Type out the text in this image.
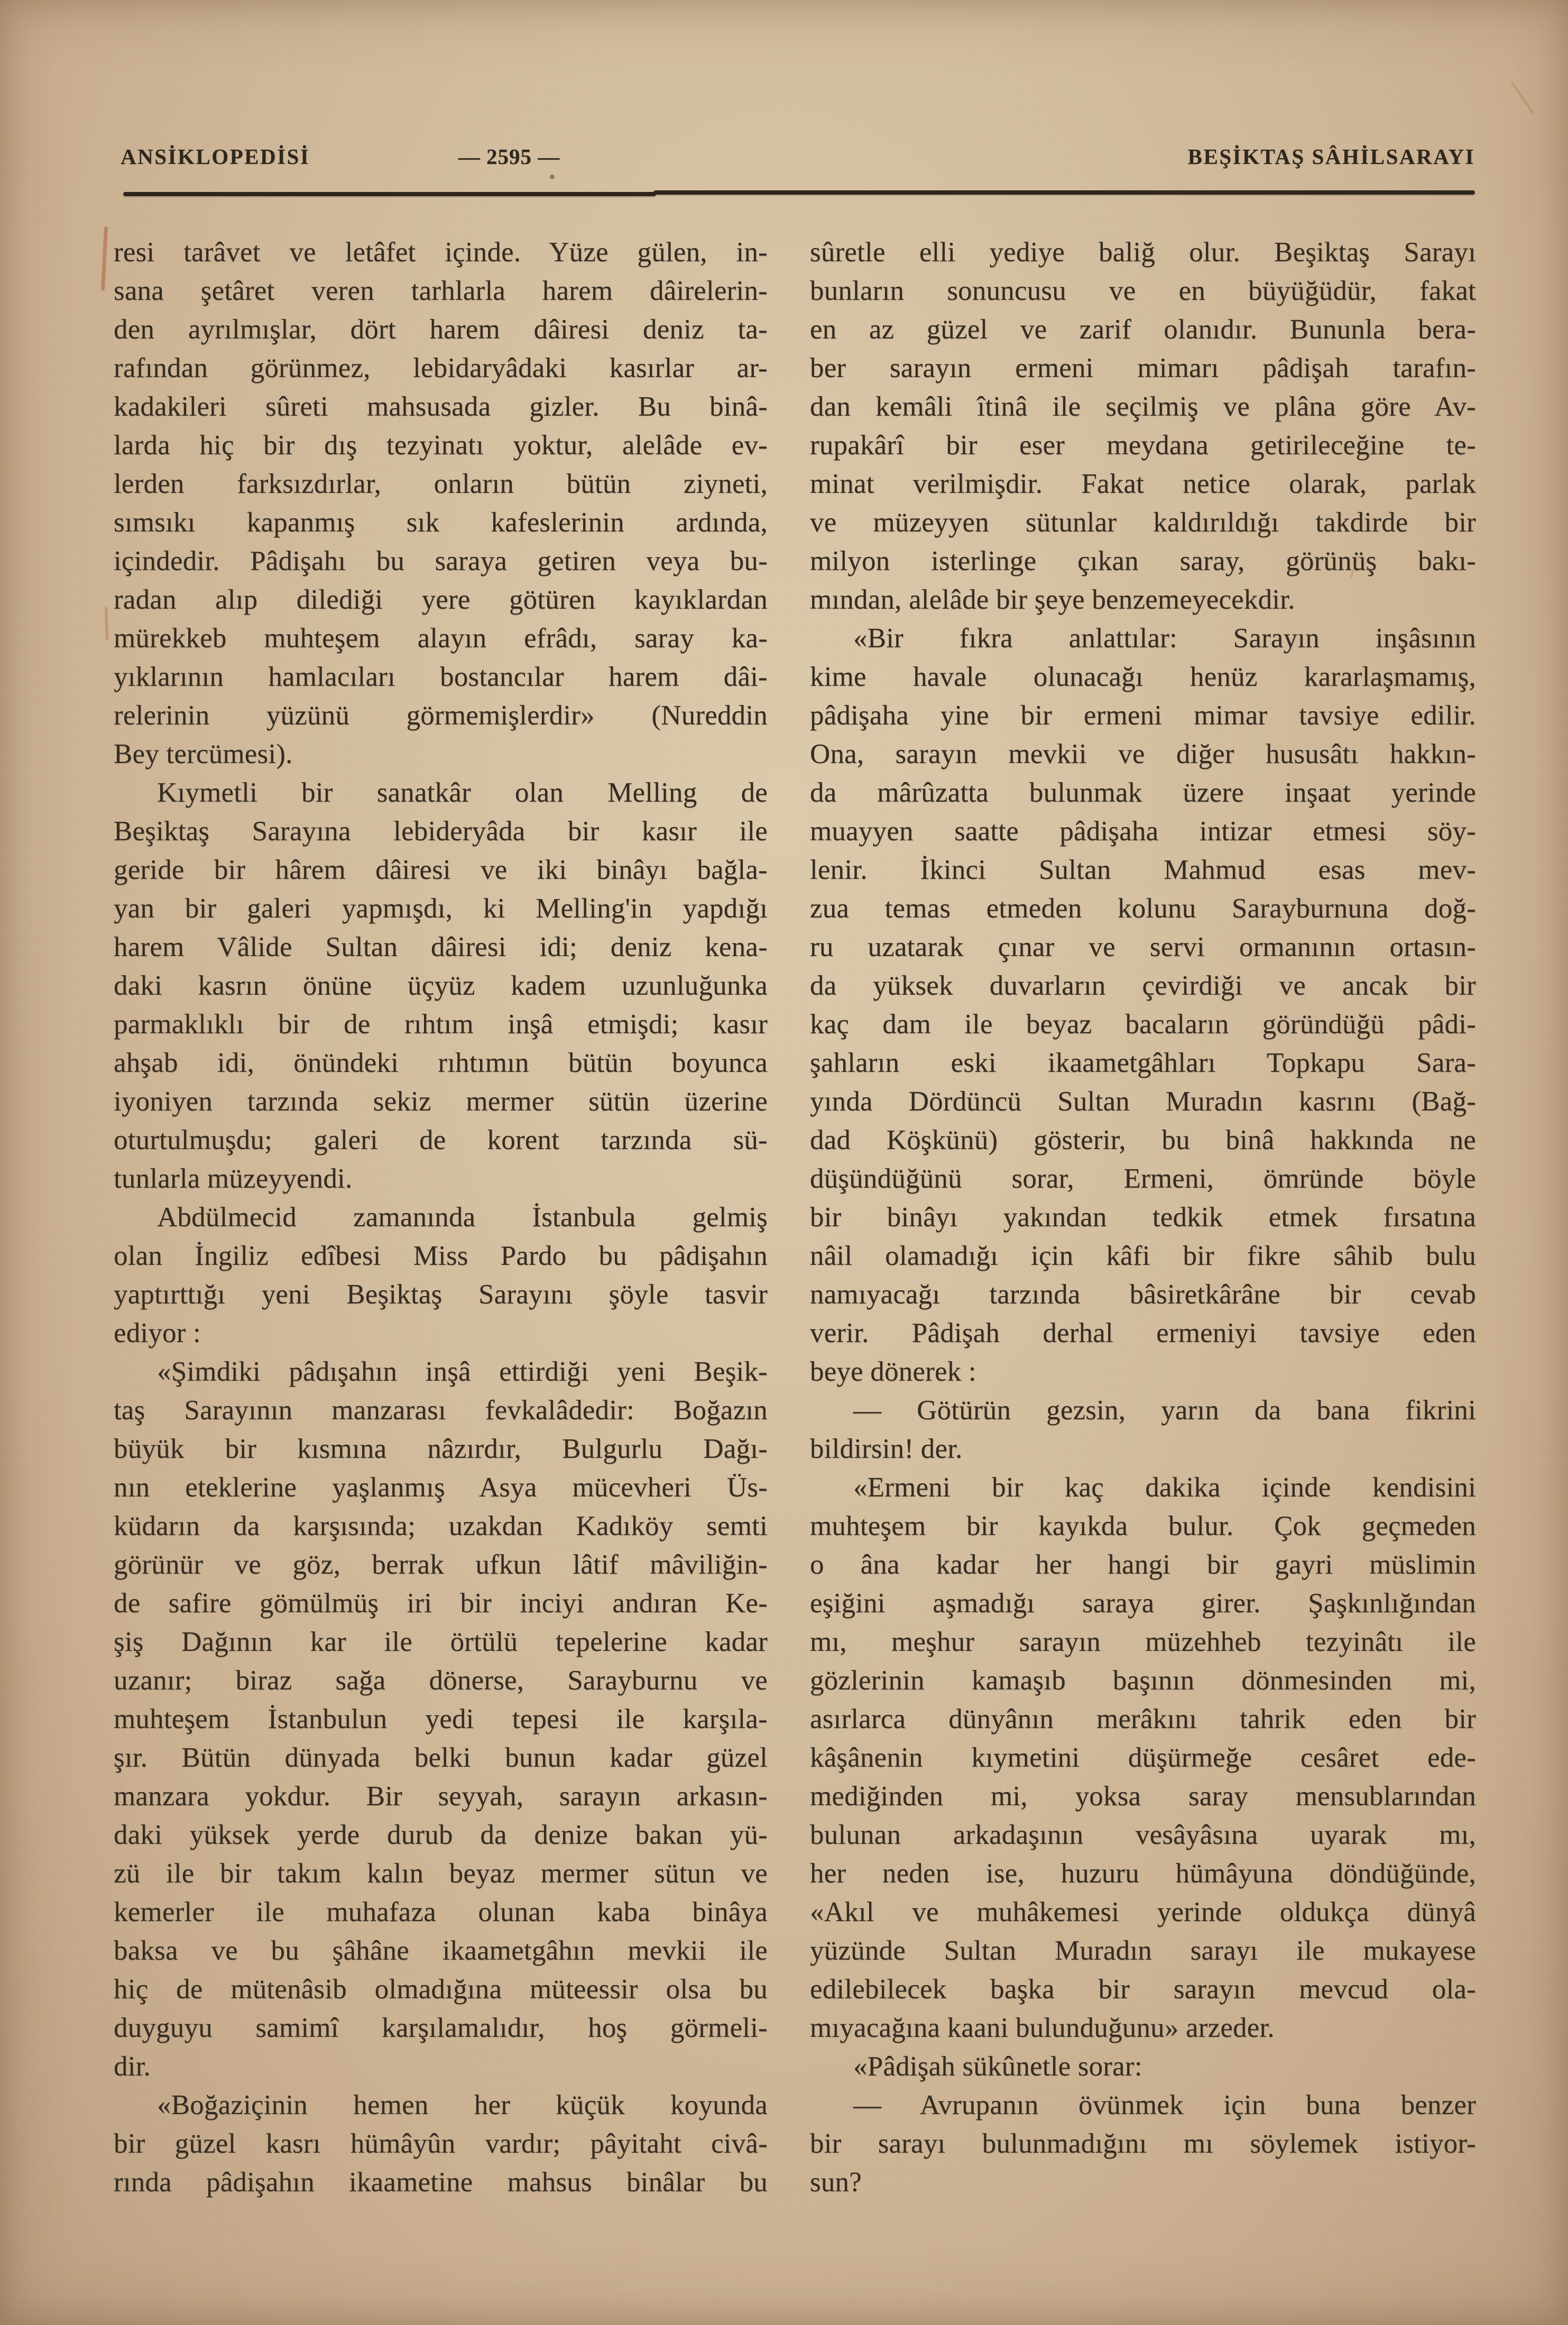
ANSİKLOPEDİSİ	— 2595 —	BEŞİKTAŞ SÂHİLSARAYI
resi tarâvet ve letâfet içinde. Yüze gülen, in-
sana şetâret veren tarhlarla harem dâirelerin-
den ayrılmışlar, dört harem dâiresi deniz ta-
rafından görünmez, lebidaryâdaki kasırlar ar-
kadakileri sûreti mahsusada gizler. Bu binâ-
larda hiç bir dış tezyinatı yoktur, alelâde ev-
lerden farksızdırlar, onların bütün ziyneti,
sımsıkı kapanmış sık kafeslerinin ardında,
içindedir. Pâdişahı bu saraya getiren veya bu-
radan alıp dilediği yere götüren kayıklardan
mürekkeb muhteşem alayın efrâdı, saray ka-
yıklarının hamlacıları bostancılar harem dâi-
relerinin yüzünü görmemişlerdir» (Nureddin
Bey tercümesi).
Kıymetli bir sanatkâr olan Melling de
Beşiktaş Sarayına lebideryâda bir kasır ile
geride bir hârem dâiresi ve iki binâyı bağla-
yan bir galeri yapmışdı, ki Melling'in yapdığı
harem Vâlide Sultan dâiresi idi; deniz kena-
daki kasrın önüne üçyüz kadem uzunluğunka
parmaklıklı bir de rıhtım inşâ etmişdi; kasır
ahşab idi, önündeki rıhtımın bütün boyunca
iyoniyen tarzında sekiz mermer sütün üzerine
oturtulmuşdu; galeri de korent tarzında sü-
tunlarla müzeyyendi.
Abdülmecid zamanında İstanbula gelmiş
olan İngiliz edîbesi Miss Pardo bu pâdişahın
yaptırttığı yeni Beşiktaş Sarayını şöyle tasvir
ediyor :
«Şimdiki pâdışahın inşâ ettirdiği yeni Beşik-
taş Sarayının manzarası fevkalâdedir: Boğazın
büyük bir kısmına nâzırdır, Bulgurlu Dağı-
nın eteklerine yaşlanmış Asya mücevheri Üs-
küdarın da karşısında; uzakdan Kadıköy semti
görünür ve göz, berrak ufkun lâtif mâviliğin-
de safire gömülmüş iri bir inciyi andıran Ke-
şiş Dağının kar ile örtülü tepelerine kadar
uzanır; biraz sağa dönerse, Sarayburnu ve
muhteşem İstanbulun yedi tepesi ile karşıla-
şır. Bütün dünyada belki bunun kadar güzel
manzara yokdur. Bir seyyah, sarayın arkasın-
daki yüksek yerde durub da denize bakan yü-
zü ile bir takım kalın beyaz mermer sütun ve
kemerler ile muhafaza olunan kaba binâya
baksa ve bu şâhâne ikaametgâhın mevkii ile
hiç de mütenâsib olmadığına müteessir olsa bu
duyguyu samimî karşılamalıdır, hoş görmeli-
dir.
«Boğaziçinin hemen her küçük koyunda
bir güzel kasrı hümâyûn vardır; pâyitaht civâ-
rında pâdişahın ikaametine mahsus binâlar bu
sûretle elli yediye baliğ olur. Beşiktaş Sarayı
bunların sonuncusu ve en büyüğüdür, fakat
en az güzel ve zarif olanıdır. Bununla bera-
ber sarayın ermeni mimarı pâdişah tarafın-
dan kemâli îtinâ ile seçilmiş ve plâna göre Av-
rupakârî bir eser meydana getirileceğine te-
minat verilmişdir. Fakat netice olarak, parlak
ve müzeyyen sütunlar kaldırıldığı takdirde bir
milyon isterlinge çıkan saray, görünüş bakı-
mından, alelâde bir şeye benzemeyecekdir.
«Bir fıkra anlattılar: Sarayın inşâsının
kime havale olunacağı henüz kararlaşmamış,
pâdişaha yine bir ermeni mimar tavsiye edilir.
Ona, sarayın mevkii ve diğer hususâtı hakkın-
da mârûzatta bulunmak üzere inşaat yerinde
muayyen saatte pâdişaha intizar etmesi söy-
lenir. İkinci Sultan Mahmud esas mev-
zua temas etmeden kolunu Sarayburnuna doğ-
ru uzatarak çınar ve servi ormanının ortasın-
da yüksek duvarların çevirdiği ve ancak bir
kaç dam ile beyaz bacaların göründüğü pâdi-
şahların eski ikaametgâhları Topkapu Sara-
yında Dördüncü Sultan Muradın kasrını (Bağ-
dad Köşkünü) gösterir, bu binâ hakkında ne
düşündüğünü sorar, Ermeni, ömründe böyle
bir binâyı yakından tedkik etmek fırsatına
nâil olamadığı için kâfi bir fikre sâhib bulu
namıyacağı tarzında bâsiretkârâne bir cevab
verir. Pâdişah derhal ermeniyi tavsiye eden
beye dönerek :
— Götürün gezsin, yarın da bana fikrini
bildirsin! der.
«Ermeni bir kaç dakika içinde kendisini
muhteşem bir kayıkda bulur. Çok geçmeden
o âna kadar her hangi bir gayri müslimin
eşiğini aşmadığı saraya girer. Şaşkınlığından
mı, meşhur sarayın müzehheb tezyinâtı ile
gözlerinin kamaşıb başının dönmesinden mi,
asırlarca dünyânın merâkını tahrik eden bir
kâşânenin kıymetini düşürmeğe cesâret ede-
mediğinden mi, yoksa saray mensublarından
bulunan arkadaşının vesâyâsına uyarak mı,
her neden ise, huzuru hümâyuna döndüğünde,
«Akıl ve muhâkemesi yerinde oldukça dünyâ
yüzünde Sultan Muradın sarayı ile mukayese
edilebilecek başka bir sarayın mevcud ola-
mıyacağına kaani bulunduğunu» arzeder.
«Pâdişah sükûnetle sorar:
— Avrupanın övünmek için buna benzer
bir sarayı bulunmadığını mı söylemek istiyor-
sun?
